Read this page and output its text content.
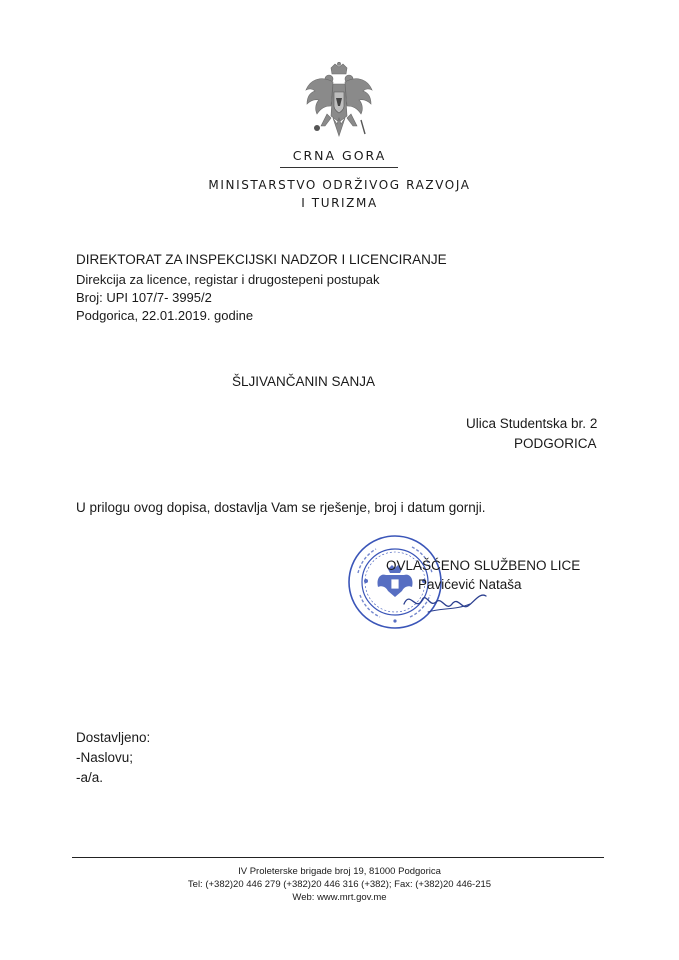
CRNA GORA
MINISTARSTVO ODRŽIVOG RAZVOJA
I TURIZMA
DIREKTORAT ZA INSPEKCIJSKI NADZOR I LICENCIRANJE
Direkcija za licence, registar i drugostepeni postupak
Broj: UPI 107/7- 3995/2
Podgorica, 22.01.2019. godine
ŠLJIVANČANIN SANJA
Ulica Studentska br. 2
PODGORICA
U prilogu ovog dopisa, dostavlja Vam se rješenje, broj i datum gornji.
OVLAŠĆENO SLUŽBENO LICE
Pavićević Nataša
Dostavljeno:
-Naslovu;
-a/a.
IV Proleterske brigade broj 19, 81000 Podgorica
Tel: (+382)20 446 279 (+382)20 446 316 (+382); Fax: (+382)20 446-215
Web: www.mrt.gov.me
